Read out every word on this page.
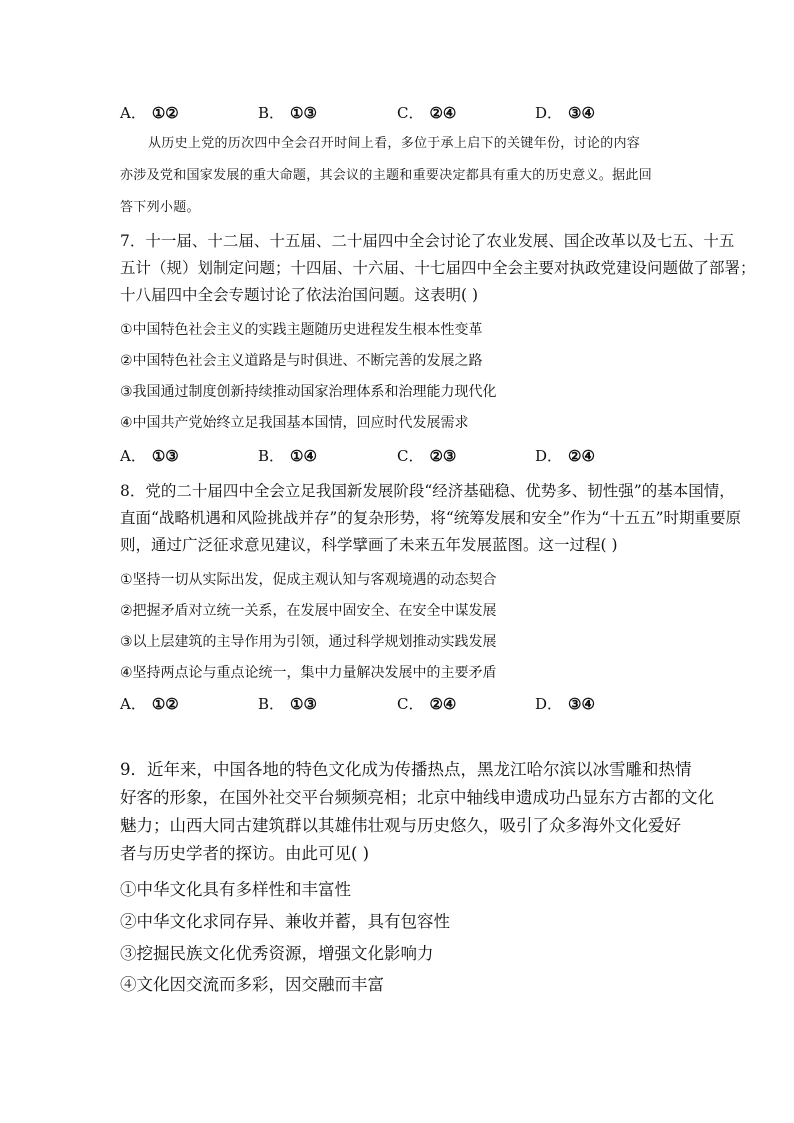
A． ①②	B． ①③	C． ②④	D． ③④
从历史上党的历次四中全会召开时间上看，多位于承上启下的关键年份，讨论的内容
亦涉及党和国家发展的重大命题，其会议的主题和重要决定都具有重大的历史意义。据此回
答下列小题。
7．十一届、十二届、十五届、二十届四中全会讨论了农业发展、国企改革以及七五、十五
五计（规）划制定问题；十四届、十六届、十七届四中全会主要对执政党建设问题做了部署；
十八届四中全会专题讨论了依法治国问题。这表明( )
①中国特色社会主义的实践主题随历史进程发生根本性变革
②中国特色社会主义道路是与时俱进、不断完善的发展之路
③我国通过制度创新持续推动国家治理体系和治理能力现代化
④中国共产党始终立足我国基本国情，回应时代发展需求
A． ①③	B． ①④	C． ②③	D． ②④
8．党的二十届四中全会立足我国新发展阶段“经济基础稳、优势多、韧性强”的基本国情，
直面“战略机遇和风险挑战并存”的复杂形势，将“统筹发展和安全”作为“十五五”时期重要原
则，通过广泛征求意见建议，科学擘画了未来五年发展蓝图。这一过程( )
①坚持一切从实际出发，促成主观认知与客观境遇的动态契合
②把握矛盾对立统一关系，在发展中固安全、在安全中谋发展
③以上层建筑的主导作用为引领，通过科学规划推动实践发展
④坚持两点论与重点论统一，集中力量解决发展中的主要矛盾
A． ①②	B． ①③	C． ②④	D． ③④
9．近年来，中国各地的特色文化成为传播热点，黑龙江哈尔滨以冰雪雕和热情
好客的形象，在国外社交平台频频亮相；北京中轴线申遗成功凸显东方古都的文化
魅力；山西大同古建筑群以其雄伟壮观与历史悠久，吸引了众多海外文化爱好
者与历史学者的探访。由此可见( )
①中华文化具有多样性和丰富性
②中华文化求同存异、兼收并蓄，具有包容性
③挖掘民族文化优秀资源，增强文化影响力
④文化因交流而多彩，因交融而丰富
